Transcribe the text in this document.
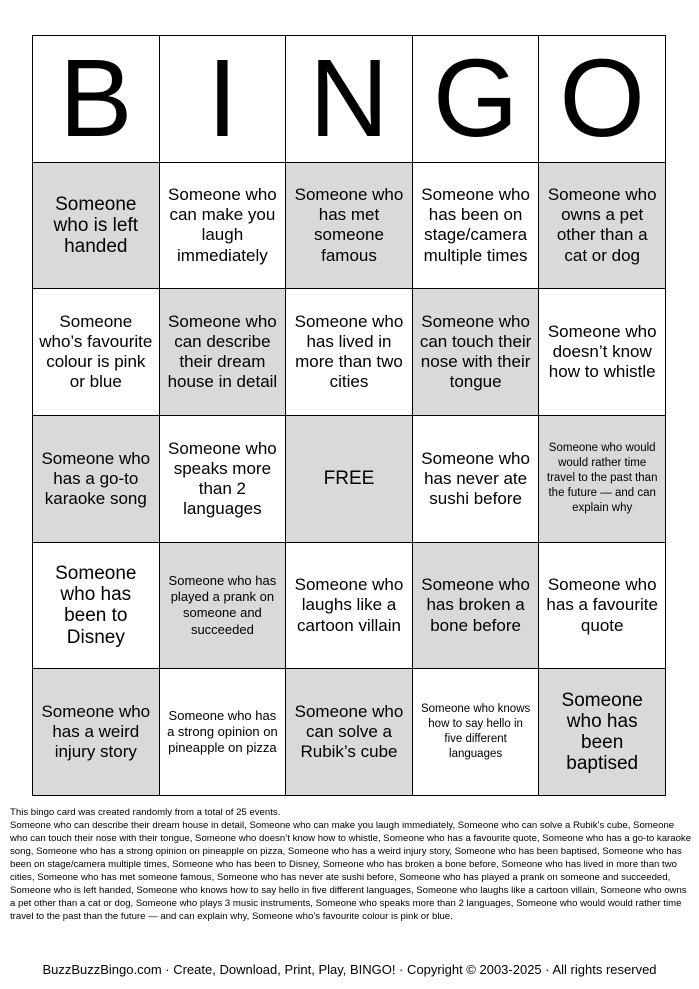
B I N G O
Someone who is left handed
Someone who can make you laugh immediately
Someone who has met someone famous
Someone who has been on stage/camera multiple times
Someone who owns a pet other than a cat or dog
Someone who’s favourite colour is pink or blue
Someone who can describe their dream house in detail
Someone who has lived in more than two cities
Someone who can touch their nose with their tongue
Someone who doesn’t know how to whistle
Someone who has a go-to karaoke song
Someone who speaks more than 2 languages
FREE
Someone who has never ate sushi before
Someone who would would rather time travel to the past than the future — and can explain why
Someone who has been to Disney
Someone who has played a prank on someone and succeeded
Someone who laughs like a cartoon villain
Someone who has broken a bone before
Someone who has a favourite quote
Someone who has a weird injury story
Someone who has a strong opinion on pineapple on pizza
Someone who can solve a Rubik’s cube
Someone who knows how to say hello in five different languages
Someone who has been baptised

This bingo card was created randomly from a total of 25 events.

Someone who can describe their dream house in detail, Someone who can make you laugh immediately, Someone who can solve a Rubik’s cube, Someone who can touch their nose with their tongue, Someone who doesn’t know how to whistle, Someone who has a favourite quote, Someone who has a go-to karaoke song, Someone who has a strong opinion on pineapple on pizza, Someone who has a weird injury story, Someone who has been baptised, Someone who has been on stage/camera multiple times, Someone who has been to Disney, Someone who has broken a bone before, Someone who has lived in more than two cities, Someone who has met someone famous, Someone who has never ate sushi before, Someone who has played a prank on someone and succeeded, Someone who is left handed, Someone who knows how to say hello in five different languages, Someone who laughs like a cartoon villain, Someone who owns a pet other than a cat or dog, Someone who plays 3 music instruments, Someone who speaks more than 2 languages, Someone who would would rather time travel to the past than the future — and can explain why, Someone who’s favourite colour is pink or blue.

BuzzBuzzBingo.com · Create, Download, Print, Play, BINGO! · Copyright © 2003-2025 · All rights reserved
